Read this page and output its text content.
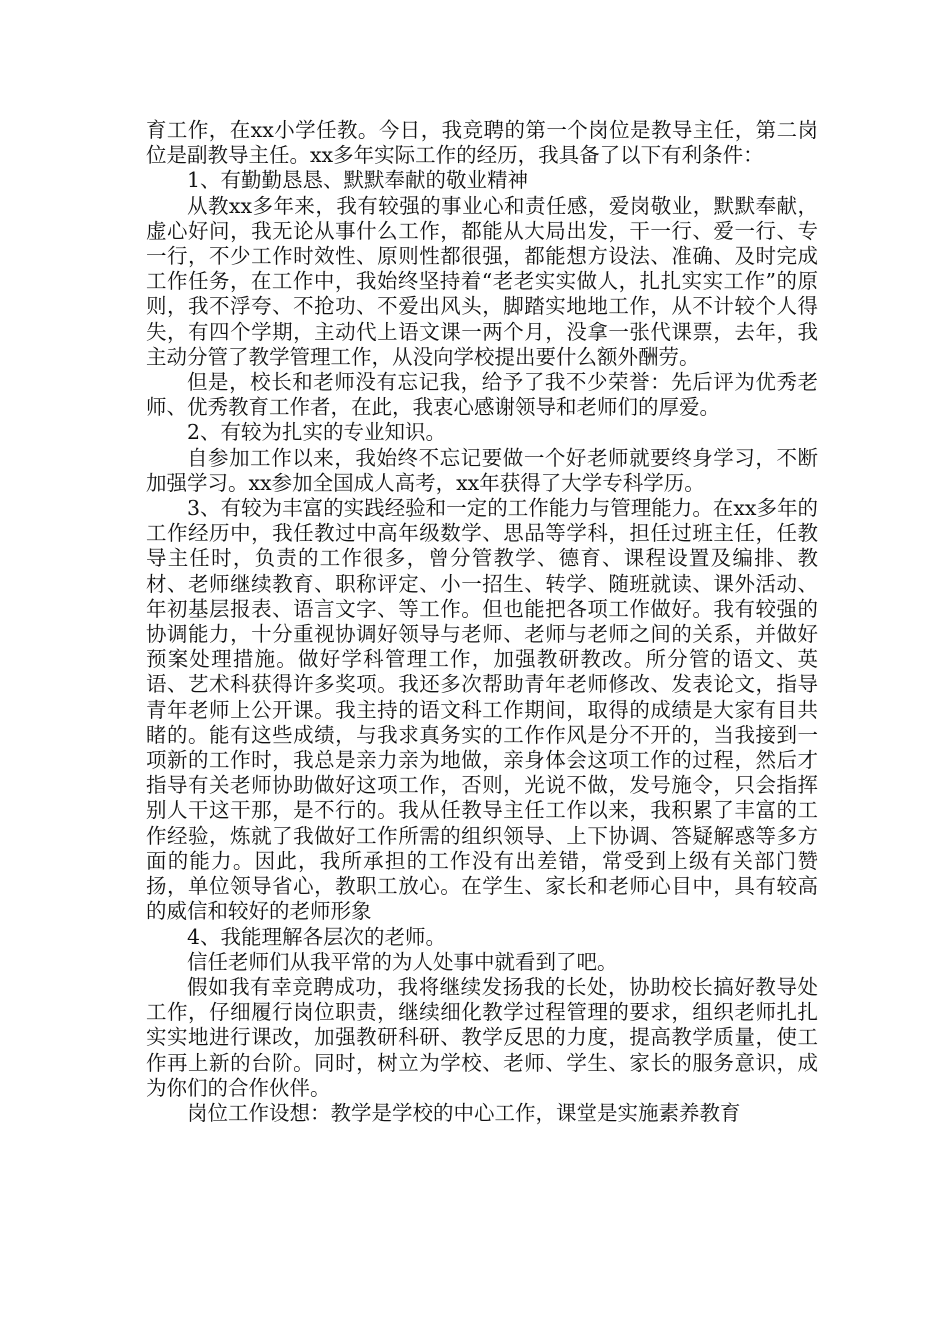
育工作，在xx小学任教。今日，我竞聘的第一个岗位是教导主任，第二岗位是副教导主任。xx多年实际工作的经历，我具备了以下有利条件：

1、有勤勤恳恳、默默奉献的敬业精神

从教xx多年来，我有较强的事业心和责任感，爱岗敬业，默默奉献，虚心好问，我无论从事什么工作，都能从大局出发，干一行、爱一行、专一行，不少工作时效性、原则性都很强，都能想方设法、准确、及时完成工作任务，在工作中，我始终坚持着“老老实实做人，扎扎实实工作”的原则，我不浮夸、不抢功、不爱出风头，脚踏实地地工作，从不计较个人得失，有四个学期，主动代上语文课一两个月，没拿一张代课票，去年，我主动分管了教学管理工作，从没向学校提出要什么额外酬劳。

但是，校长和老师没有忘记我，给予了我不少荣誉：先后评为优秀老师、优秀教育工作者，在此，我衷心感谢领导和老师们的厚爱。

2、有较为扎实的专业知识。

自参加工作以来，我始终不忘记要做一个好老师就要终身学习，不断加强学习。xx参加全国成人高考，xx年获得了大学专科学历。

3、有较为丰富的实践经验和一定的工作能力与管理能力。在xx多年的工作经历中，我任教过中高年级数学、思品等学科，担任过班主任，任教导主任时，负责的工作很多，曾分管教学、德育、课程设置及编排、教材、老师继续教育、职称评定、小一招生、转学、随班就读、课外活动、年初基层报表、语言文字、等工作。但也能把各项工作做好。我有较强的协调能力，十分重视协调好领导与老师、老师与老师之间的关系，并做好预案处理措施。做好学科管理工作，加强教研教改。所分管的语文、英语、艺术科获得许多奖项。我还多次帮助青年老师修改、发表论文，指导青年老师上公开课。我主持的语文科工作期间，取得的成绩是大家有目共睹的。能有这些成绩，与我求真务实的工作作风是分不开的，当我接到一项新的工作时，我总是亲力亲为地做，亲身体会这项工作的过程，然后才指导有关老师协助做好这项工作，否则，光说不做，发号施令，只会指挥别人干这干那，是不行的。我从任教导主任工作以来，我积累了丰富的工作经验，炼就了我做好工作所需的组织领导、上下协调、答疑解惑等多方面的能力。因此，我所承担的工作没有出差错，常受到上级有关部门赞扬，单位领导省心，教职工放心。在学生、家长和老师心目中，具有较高的威信和较好的老师形象

4、我能理解各层次的老师。

信任老师们从我平常的为人处事中就看到了吧。

假如我有幸竞聘成功，我将继续发扬我的长处，协助校长搞好教导处工作，仔细履行岗位职责，继续细化教学过程管理的要求，组织老师扎扎实实地进行课改，加强教研科研、教学反思的力度，提高教学质量，使工作再上新的台阶。同时，树立为学校、老师、学生、家长的服务意识，成为你们的合作伙伴。

岗位工作设想：教学是学校的中心工作，课堂是实施素养教育
